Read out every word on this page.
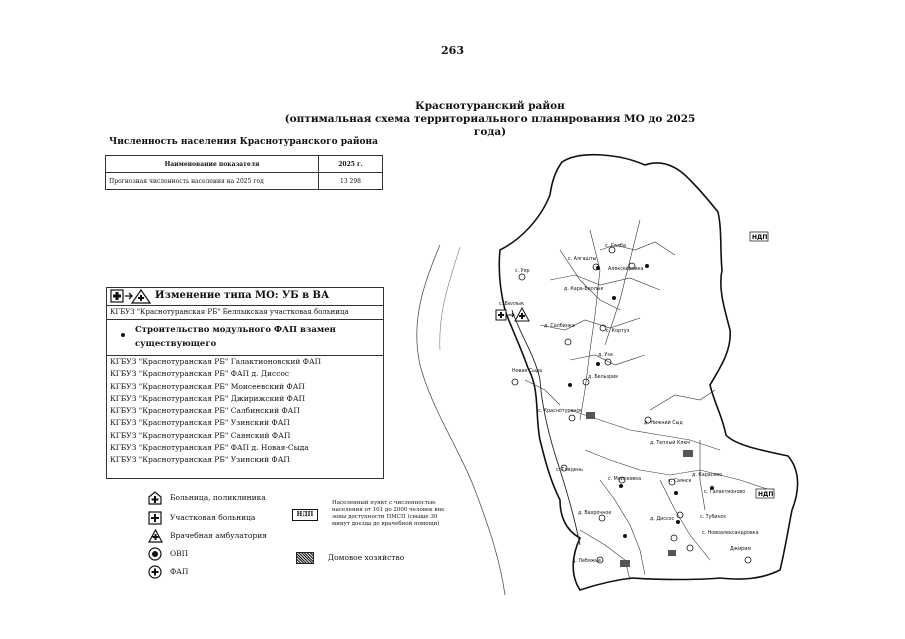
263
Краснотуранский район
(оптимальная схема территориального планирования МО до 2025 года)
Численность населения Краснотуранского района
Наименование показателя	2025 г.
Прогнозная численность населения на 2025 год	13 298
Изменение типа МО: УБ в ВА
КГБУЗ "Краснотуранская РБ" Беллыкская участковая больница
Строительство модульного ФАП взамен существующего
КГБУЗ "Краснотуранская РБ" Галактионовский ФАП
КГБУЗ "Краснотуранская РБ" ФАП д. Диссос
КГБУЗ "Краснотуранская РБ" Моисеевский ФАП
КГБУЗ "Краснотуранская РБ" Джирижский ФАП
КГБУЗ "Краснотуранская РБ" Салбинский ФАП
КГБУЗ "Краснотуранская РБ" Узинский ФАП
КГБУЗ "Краснотуранская РБ" Саянский ФАП
КГБУЗ "Краснотуранская РБ" ФАП д. Новая-Сыда
КГБУЗ "Краснотуранская РБ" Узинский ФАП
Больница, поликлиника
Участковая больница
Врачебная амбулатория
ОВП
ФАП
НДП
Населенный пункт с численностью населения от 101 до 2000 человек вне зоны доступности ПМСП (свыше 30 минут доезда до врачебной помощи)
Домовое хозяйство
НДП
НДП
с. Салба
с. Алгашты
с. Уяр	Алексейровка
д. Кара-Беллык
с. Беллык
д. Салбинка
с. Кортуз
д. Уза
Новая Сыда
д. Бельзрик
с. Краснотуранск
д. Нижний Сыд
д. Теплый Ключ
с. Глядень
с. Моисеевка	с. Саянск
д. Карасево
с. Галактионово
д. Вахрочное
д. Диссос	с. Тубинск
с. Новоалександровка
Джирим
д. Лебяжье
